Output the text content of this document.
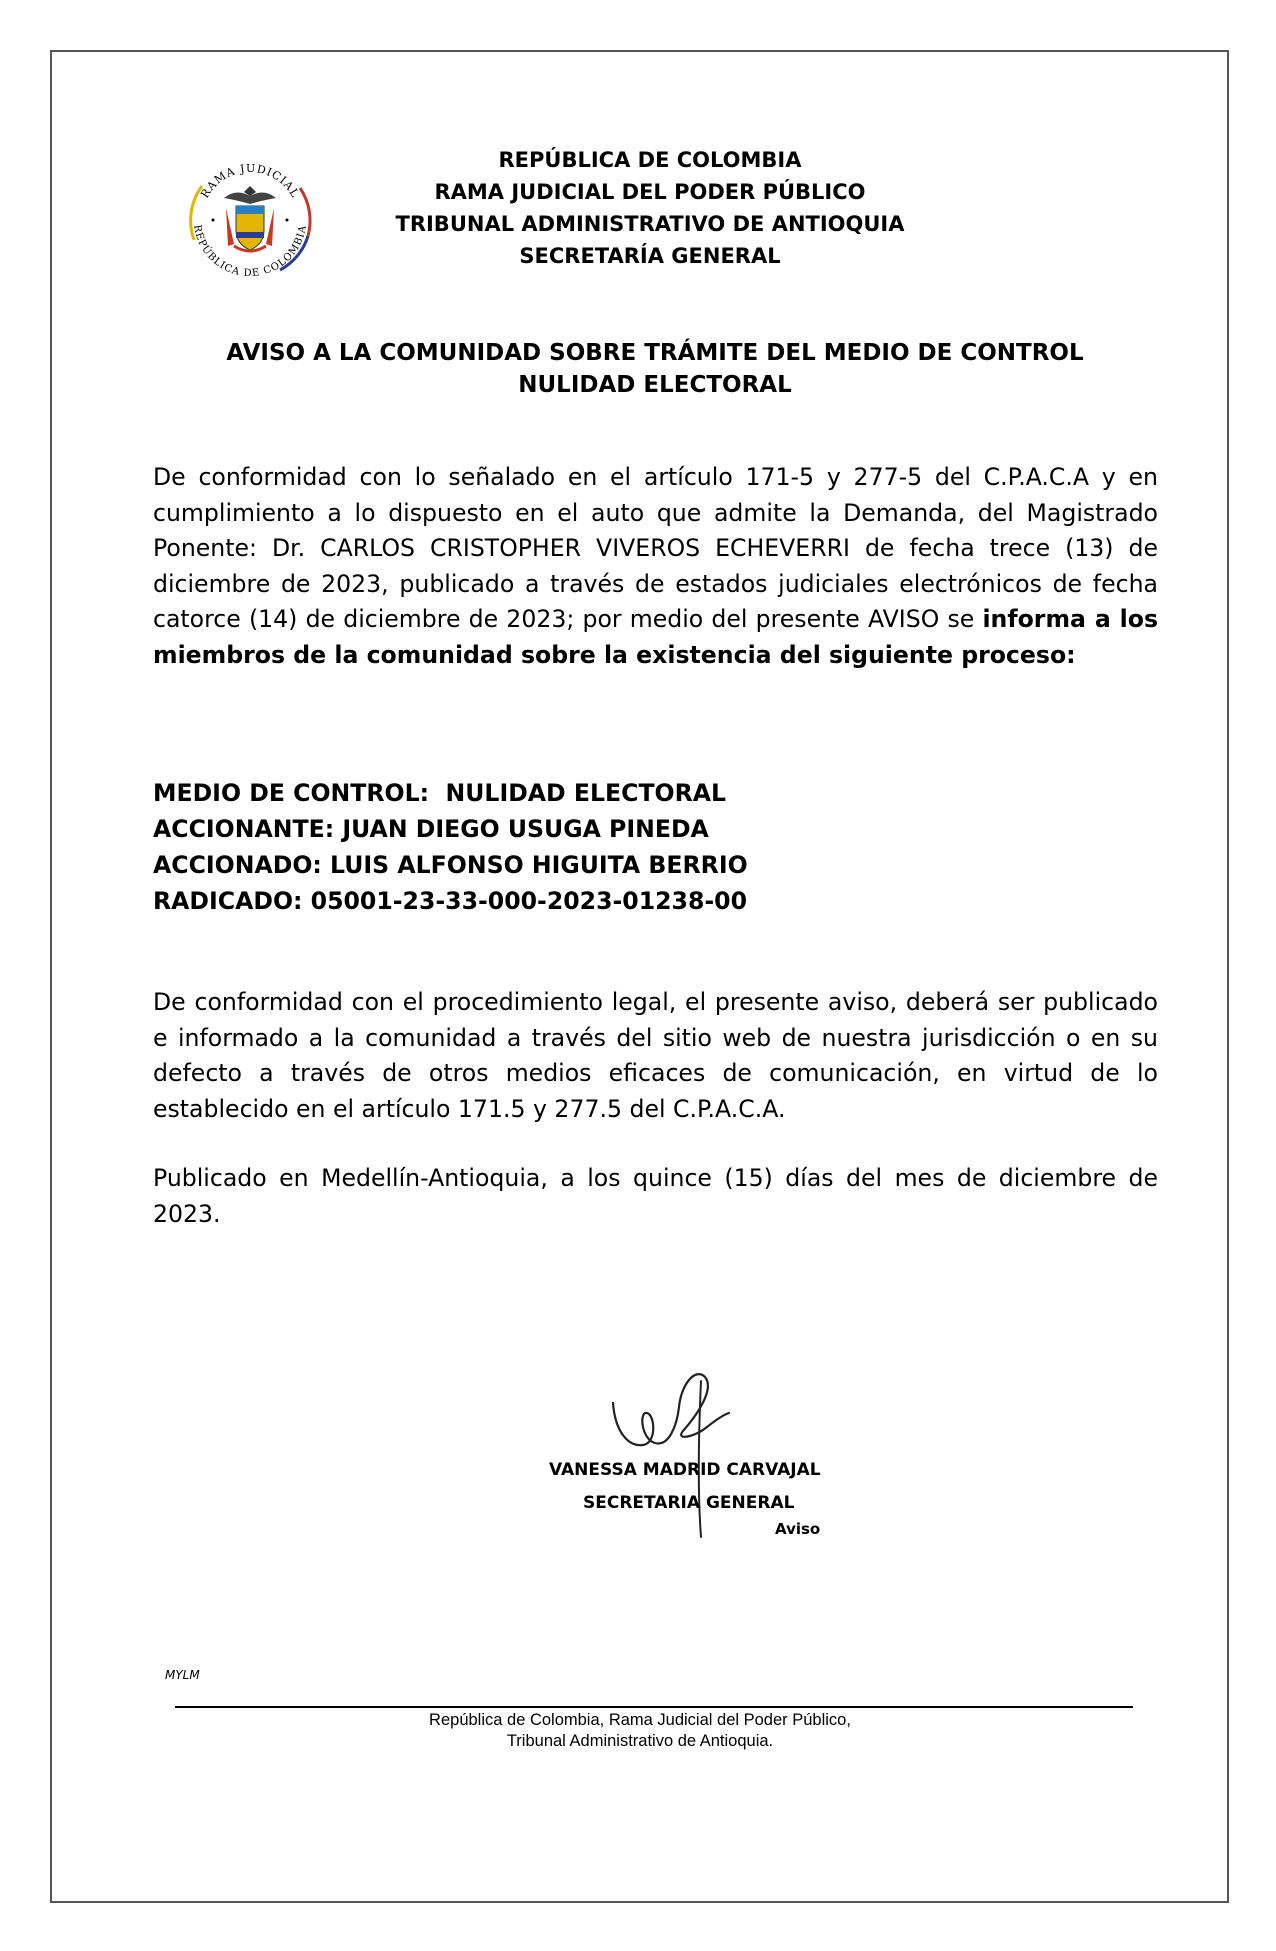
RAMA JUDICIAL
REPÚBLICA DE COLOMBIA
REPÚBLICA DE COLOMBIA
RAMA JUDICIAL DEL PODER PÚBLICO
TRIBUNAL ADMINISTRATIVO DE ANTIOQUIA
SECRETARÍA GENERAL
AVISO A LA COMUNIDAD SOBRE TRÁMITE DEL MEDIO DE CONTROL
NULIDAD ELECTORAL
De conformidad con lo señalado en el artículo 171-5 y 277-5 del C.P.A.C.A y en cumplimiento a lo dispuesto en el auto que admite la Demanda, del Magistrado Ponente: Dr. CARLOS CRISTOPHER VIVEROS ECHEVERRI de fecha trece (13) de diciembre de 2023, publicado a través de estados judiciales electrónicos de fecha catorce (14) de diciembre de 2023; por medio del presente AVISO se informa a los miembros de la comunidad sobre la existencia del siguiente proceso:
MEDIO DE CONTROL: NULIDAD ELECTORAL
ACCIONANTE: JUAN DIEGO USUGA PINEDA
ACCIONADO: LUIS ALFONSO HIGUITA BERRIO
RADICADO: 05001-23-33-000-2023-01238-00
De conformidad con el procedimiento legal, el presente aviso, deberá ser publicado e informado a la comunidad a través del sitio web de nuestra jurisdicción o en su defecto a través de otros medios eficaces de comunicación, en virtud de lo establecido en el artículo 171.5 y 277.5 del C.P.A.C.A.
Publicado en Medellín-Antioquia, a los quince (15) días del mes de diciembre de 2023.
VANESSA MADRID CARVAJAL
SECRETARIA GENERAL
Aviso
MYLM
República de Colombia, Rama Judicial del Poder Público,
Tribunal Administrativo de Antioquia.
